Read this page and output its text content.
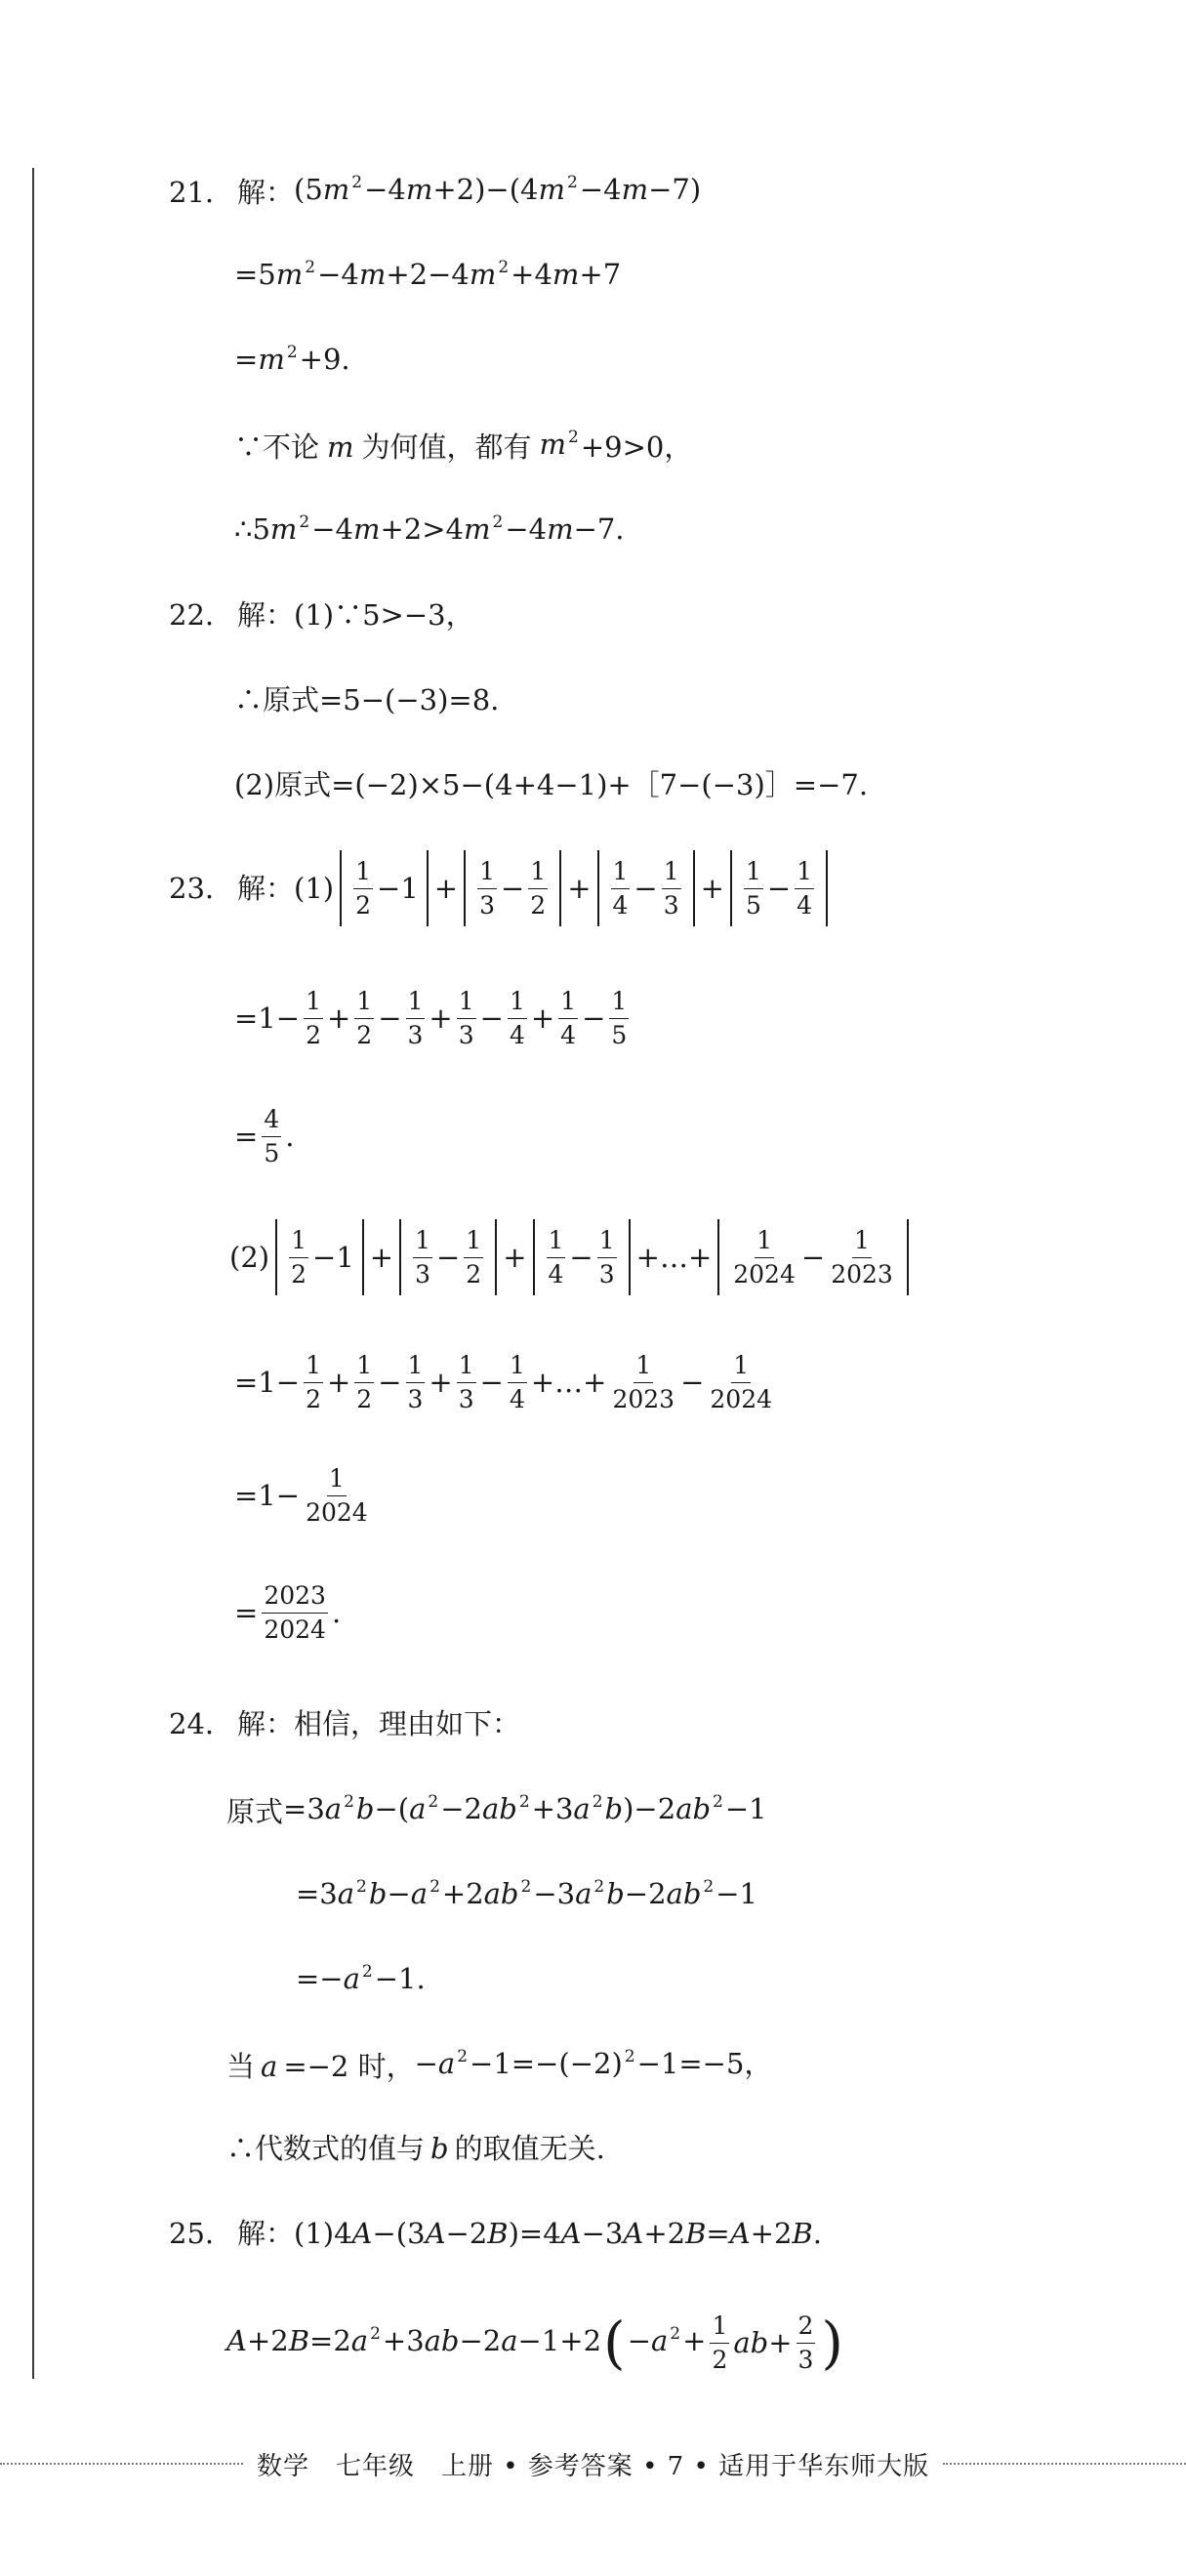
21. 解： (5m $^2$−4m+2)−(4m $^2$−4m−7)
=5m $^2$−4m+2−4m $^2$+4m+7
=m $^2$+9.
∵不论 m 为何值，都有 m $^2$ +9>0，
∴5m $^2$−4m+2>4m $^2$−4m−7.
22. 解：(1)∵5>−3，
∴原式=5−(−3)=8.
(2)原式=(−2)×5−(4+4−1)+［7−(−3)］=−7.
23. 解：$(1) \frac{1}{2} - 1 + \frac{1}{3} - \frac{1}{2} + \frac{1}{4} - \frac{1}{3} + \frac{1}{5} - \frac{1}{4}$
$=1 - \frac{1}{2} + \frac{1}{2} - \frac{1}{3} + \frac{1}{3} - \frac{1}{4} + \frac{1}{4} - \frac{1}{5}$
= $\frac{4}{5}$ .
$(2) \frac{1}{2} - 1 + \frac{1}{3} - \frac{1}{2} + \frac{1}{4} - \frac{1}{3}$ +…+ $\frac{1}{2024} - \frac{1}{2023}$
$=1 - \frac{1}{2} + \frac{1}{2} - \frac{1}{3} + \frac{1}{3} - \frac{1}{4}$ +…+ $\frac{1}{2023} - \frac{1}{2024}$
$=1 - \frac{1}{2024}$
= $\frac{2023}{2024}$ .
24. 解：相信，理由如下：
原式 =3a $^2$b−(a $^2$−2ab $^2$+3a $^2$b)−2ab $^2$−1
=3a $^2$b−a $^2$+2ab $^2$−3a $^2$b−2ab $^2$−1
=−a $^2$−1.
当 a =−2 时， −a $^2$−1=−(−2) $^2$−1=−5，
∴代数式的值与 b 的取值无关.
25. 解：(1)4A−(3A−2B)=4A−3A+2B=A+2B.
A+2B=2a $^2$+3ab−2a−1+2 ( −a $^2+ \frac{1}{2}$ ab + $\frac{2}{3}$ )
数学　七年级　上册 • 参考答案 • 7 • 适用于华东师大版
